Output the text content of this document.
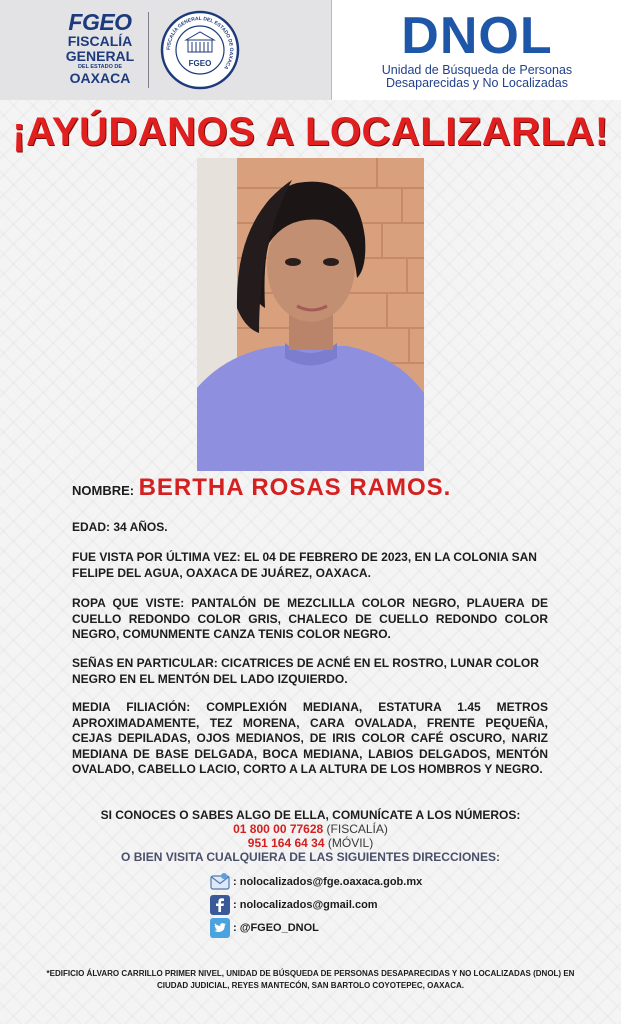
FGEO
FISCALÍA
GENERAL
DEL ESTADO DE
OAXACA
FISCALÍA GENERAL DEL ESTADO DE OAXACA
FGEO	DNOL
Unidad de Búsqueda de Personas
Desaparecidas y No Localizadas
¡AYÚDANOS A LOCALIZARLA!
NOMBRE: BERTHA ROSAS RAMOS.
EDAD: 34 AÑOS.
FUE VISTA POR ÚLTIMA VEZ: EL 04 DE FEBRERO DE 2023, EN LA COLONIA SAN FELIPE DEL AGUA, OAXACA DE JUÁREZ, OAXACA.
ROPA QUE VISTE: PANTALÓN DE MEZCLILLA COLOR NEGRO, PLAUERA DE CUELLO REDONDO COLOR GRIS, CHALECO DE CUELLO REDONDO COLOR NEGRO, COMUNMENTE CANZA TENIS COLOR NEGRO.
SEÑAS EN PARTICULAR: CICATRICES DE ACNÉ EN EL ROSTRO, LUNAR COLOR NEGRO EN EL MENTÓN DEL LADO IZQUIERDO.
MEDIA FILIACIÓN: COMPLEXIÓN MEDIANA, ESTATURA 1.45 METROS APROXIMADAMENTE, TEZ MORENA, CARA OVALADA, FRENTE PEQUEÑA, CEJAS DEPILADAS, OJOS MEDIANOS, DE IRIS COLOR CAFÉ OSCURO, NARIZ MEDIANA DE BASE DELGADA, BOCA MEDIANA, LABIOS DELGADOS, MENTÓN OVALADO, CABELLO LACIO, CORTO A LA ALTURA DE LOS HOMBROS Y NEGRO.
SI CONOCES O SABES ALGO DE ELLA, COMUNÍCATE A LOS NÚMEROS:
01 800 00 77628 (FISCALÍA)
951 164 64 34 (MÓVIL)
O BIEN VISITA CUALQUIERA DE LAS SIGUIENTES DIRECCIONES:
: nolocalizados@fge.oaxaca.gob.mx
: nolocalizados@gmail.com
: @FGEO_DNOL
*EDIFICIO ÁLVARO CARRILLO PRIMER NIVEL, UNIDAD DE BÚSQUEDA DE PERSONAS DESAPARECIDAS Y NO LOCALIZADAS (DNOL) EN
CIUDAD JUDICIAL, REYES MANTECÓN, SAN BARTOLO COYOTEPEC, OAXACA.
